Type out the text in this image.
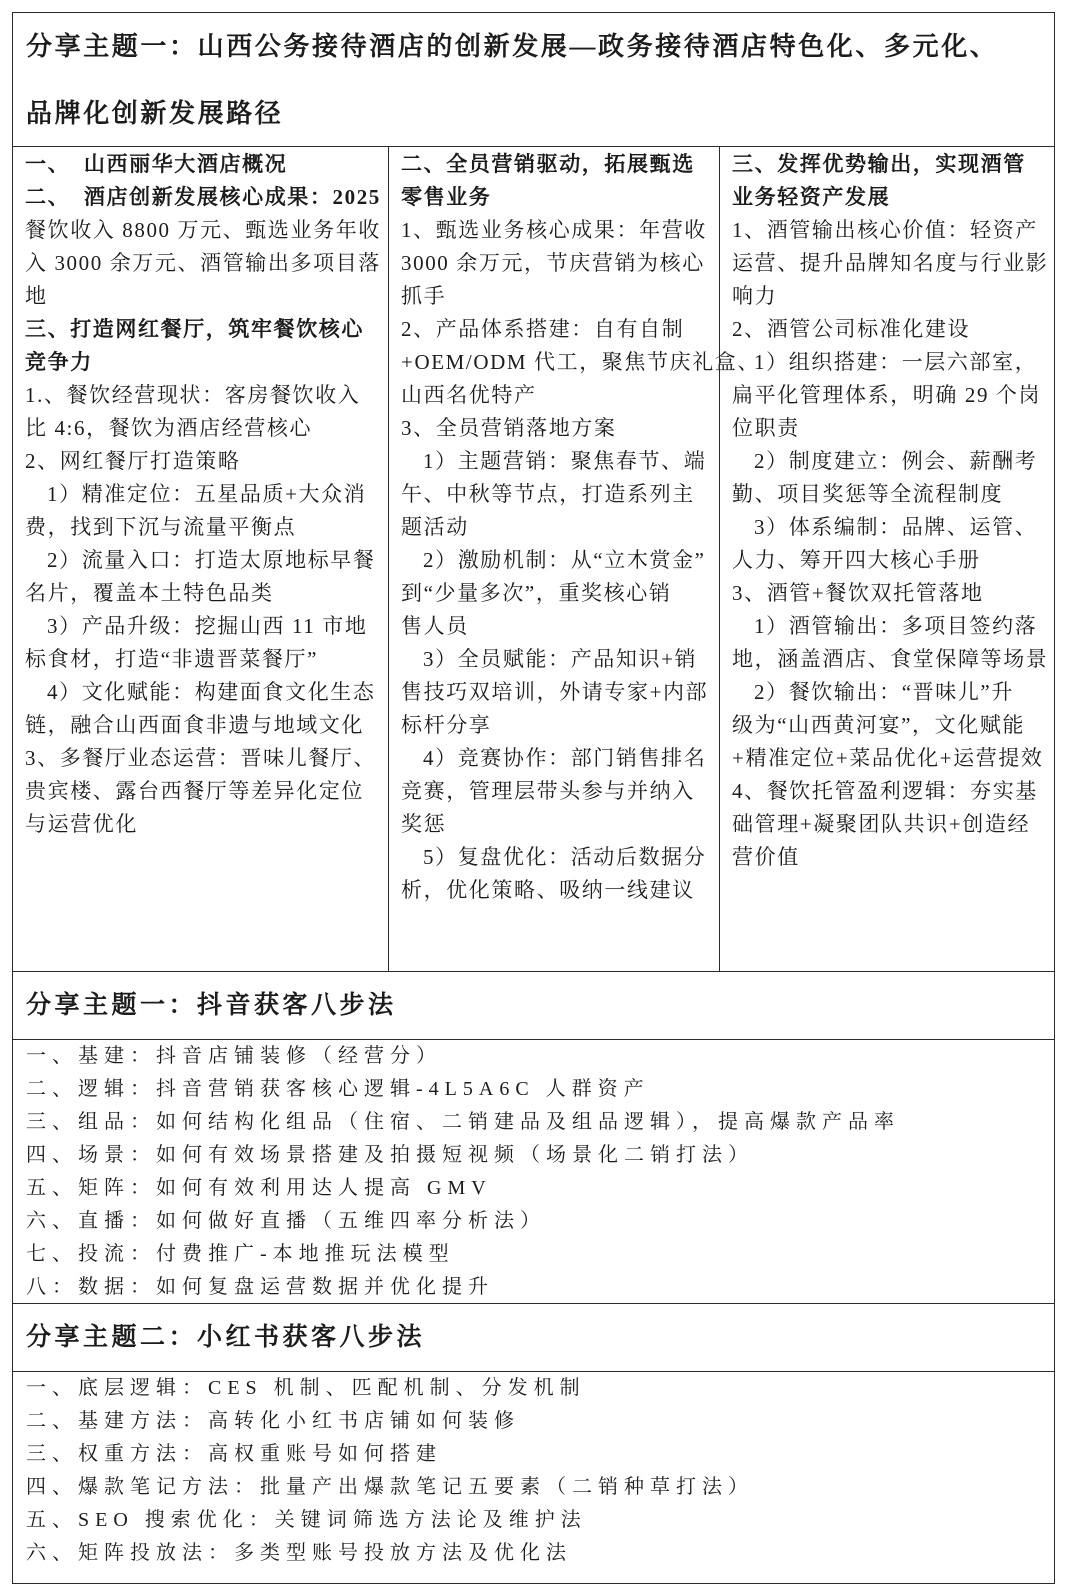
分享主题一：山西公务接待酒店的创新发展—政务接待酒店特色化、多元化、
品牌化创新发展路径
一、  山西丽华大酒店概况
二、  酒店创新发展核心成果：2025
餐饮收入 8800 万元、甄选业务年收
入 3000 余万元、酒管输出多项目落
地
三、打造网红餐厅，筑牢餐饮核心
竞争力
1.、餐饮经营现状：客房餐饮收入
比 4:6，餐饮为酒店经营核心
2、网红餐厅打造策略
1）精准定位：五星品质+大众消
费，找到下沉与流量平衡点
2）流量入口：打造太原地标早餐
名片，覆盖本土特色品类
3）产品升级：挖掘山西 11 市地
标食材，打造“非遗晋菜餐厅”
4）文化赋能：构建面食文化生态
链，融合山西面食非遗与地域文化
3、多餐厅业态运营：晋味儿餐厅、
贵宾楼、露台西餐厅等差异化定位
与运营优化
二、全员营销驱动，拓展甄选
零售业务
1、甄选业务核心成果：年营收
3000 余万元，节庆营销为核心
抓手
2、产品体系搭建：自有自制
+OEM/ODM 代工，聚焦节庆礼盒、
山西名优特产
3、全员营销落地方案
1）主题营销：聚焦春节、端
午、中秋等节点，打造系列主
题活动
2）激励机制：从“立木赏金”
到“少量多次”，重奖核心销
售人员
3）全员赋能：产品知识+销
售技巧双培训，外请专家+内部
标杆分享
4）竞赛协作：部门销售排名
竞赛，管理层带头参与并纳入
奖惩
5）复盘优化：活动后数据分
析，优化策略、吸纳一线建议
三、发挥优势输出，实现酒管
业务轻资产发展
1、酒管输出核心价值：轻资产
运营、提升品牌知名度与行业影
响力
2、酒管公司标准化建设
1）组织搭建：一层六部室，
扁平化管理体系，明确 29 个岗
位职责
2）制度建立：例会、薪酬考
勤、项目奖惩等全流程制度
3）体系编制：品牌、运管、
人力、筹开四大核心手册
3、酒管+餐饮双托管落地
1）酒管输出：多项目签约落
地，涵盖酒店、食堂保障等场景
2）餐饮输出：“晋味儿”升
级为“山西黄河宴”，文化赋能
+精准定位+菜品优化+运营提效
4、餐饮托管盈利逻辑：夯实基
础管理+凝聚团队共识+创造经
营价值
分享主题一：抖音获客八步法
一、基建：抖音店铺装修（经营分）
二、逻辑：抖音营销获客核心逻辑-4L5A6C 人群资产
三、组品：如何结构化组品（住宿、二销建品及组品逻辑），提高爆款产品率
四、场景：如何有效场景搭建及拍摄短视频（场景化二销打法）
五、矩阵：如何有效利用达人提高 GMV
六、直播：如何做好直播（五维四率分析法）
七、投流：付费推广-本地推玩法模型
八：数据：如何复盘运营数据并优化提升
分享主题二：小红书获客八步法
一、底层逻辑：CES 机制、匹配机制、分发机制
二、基建方法：高转化小红书店铺如何装修
三、权重方法：高权重账号如何搭建
四、爆款笔记方法：批量产出爆款笔记五要素（二销种草打法）
五、SEO 搜索优化：关键词筛选方法论及维护法
六、矩阵投放法：多类型账号投放方法及优化法
